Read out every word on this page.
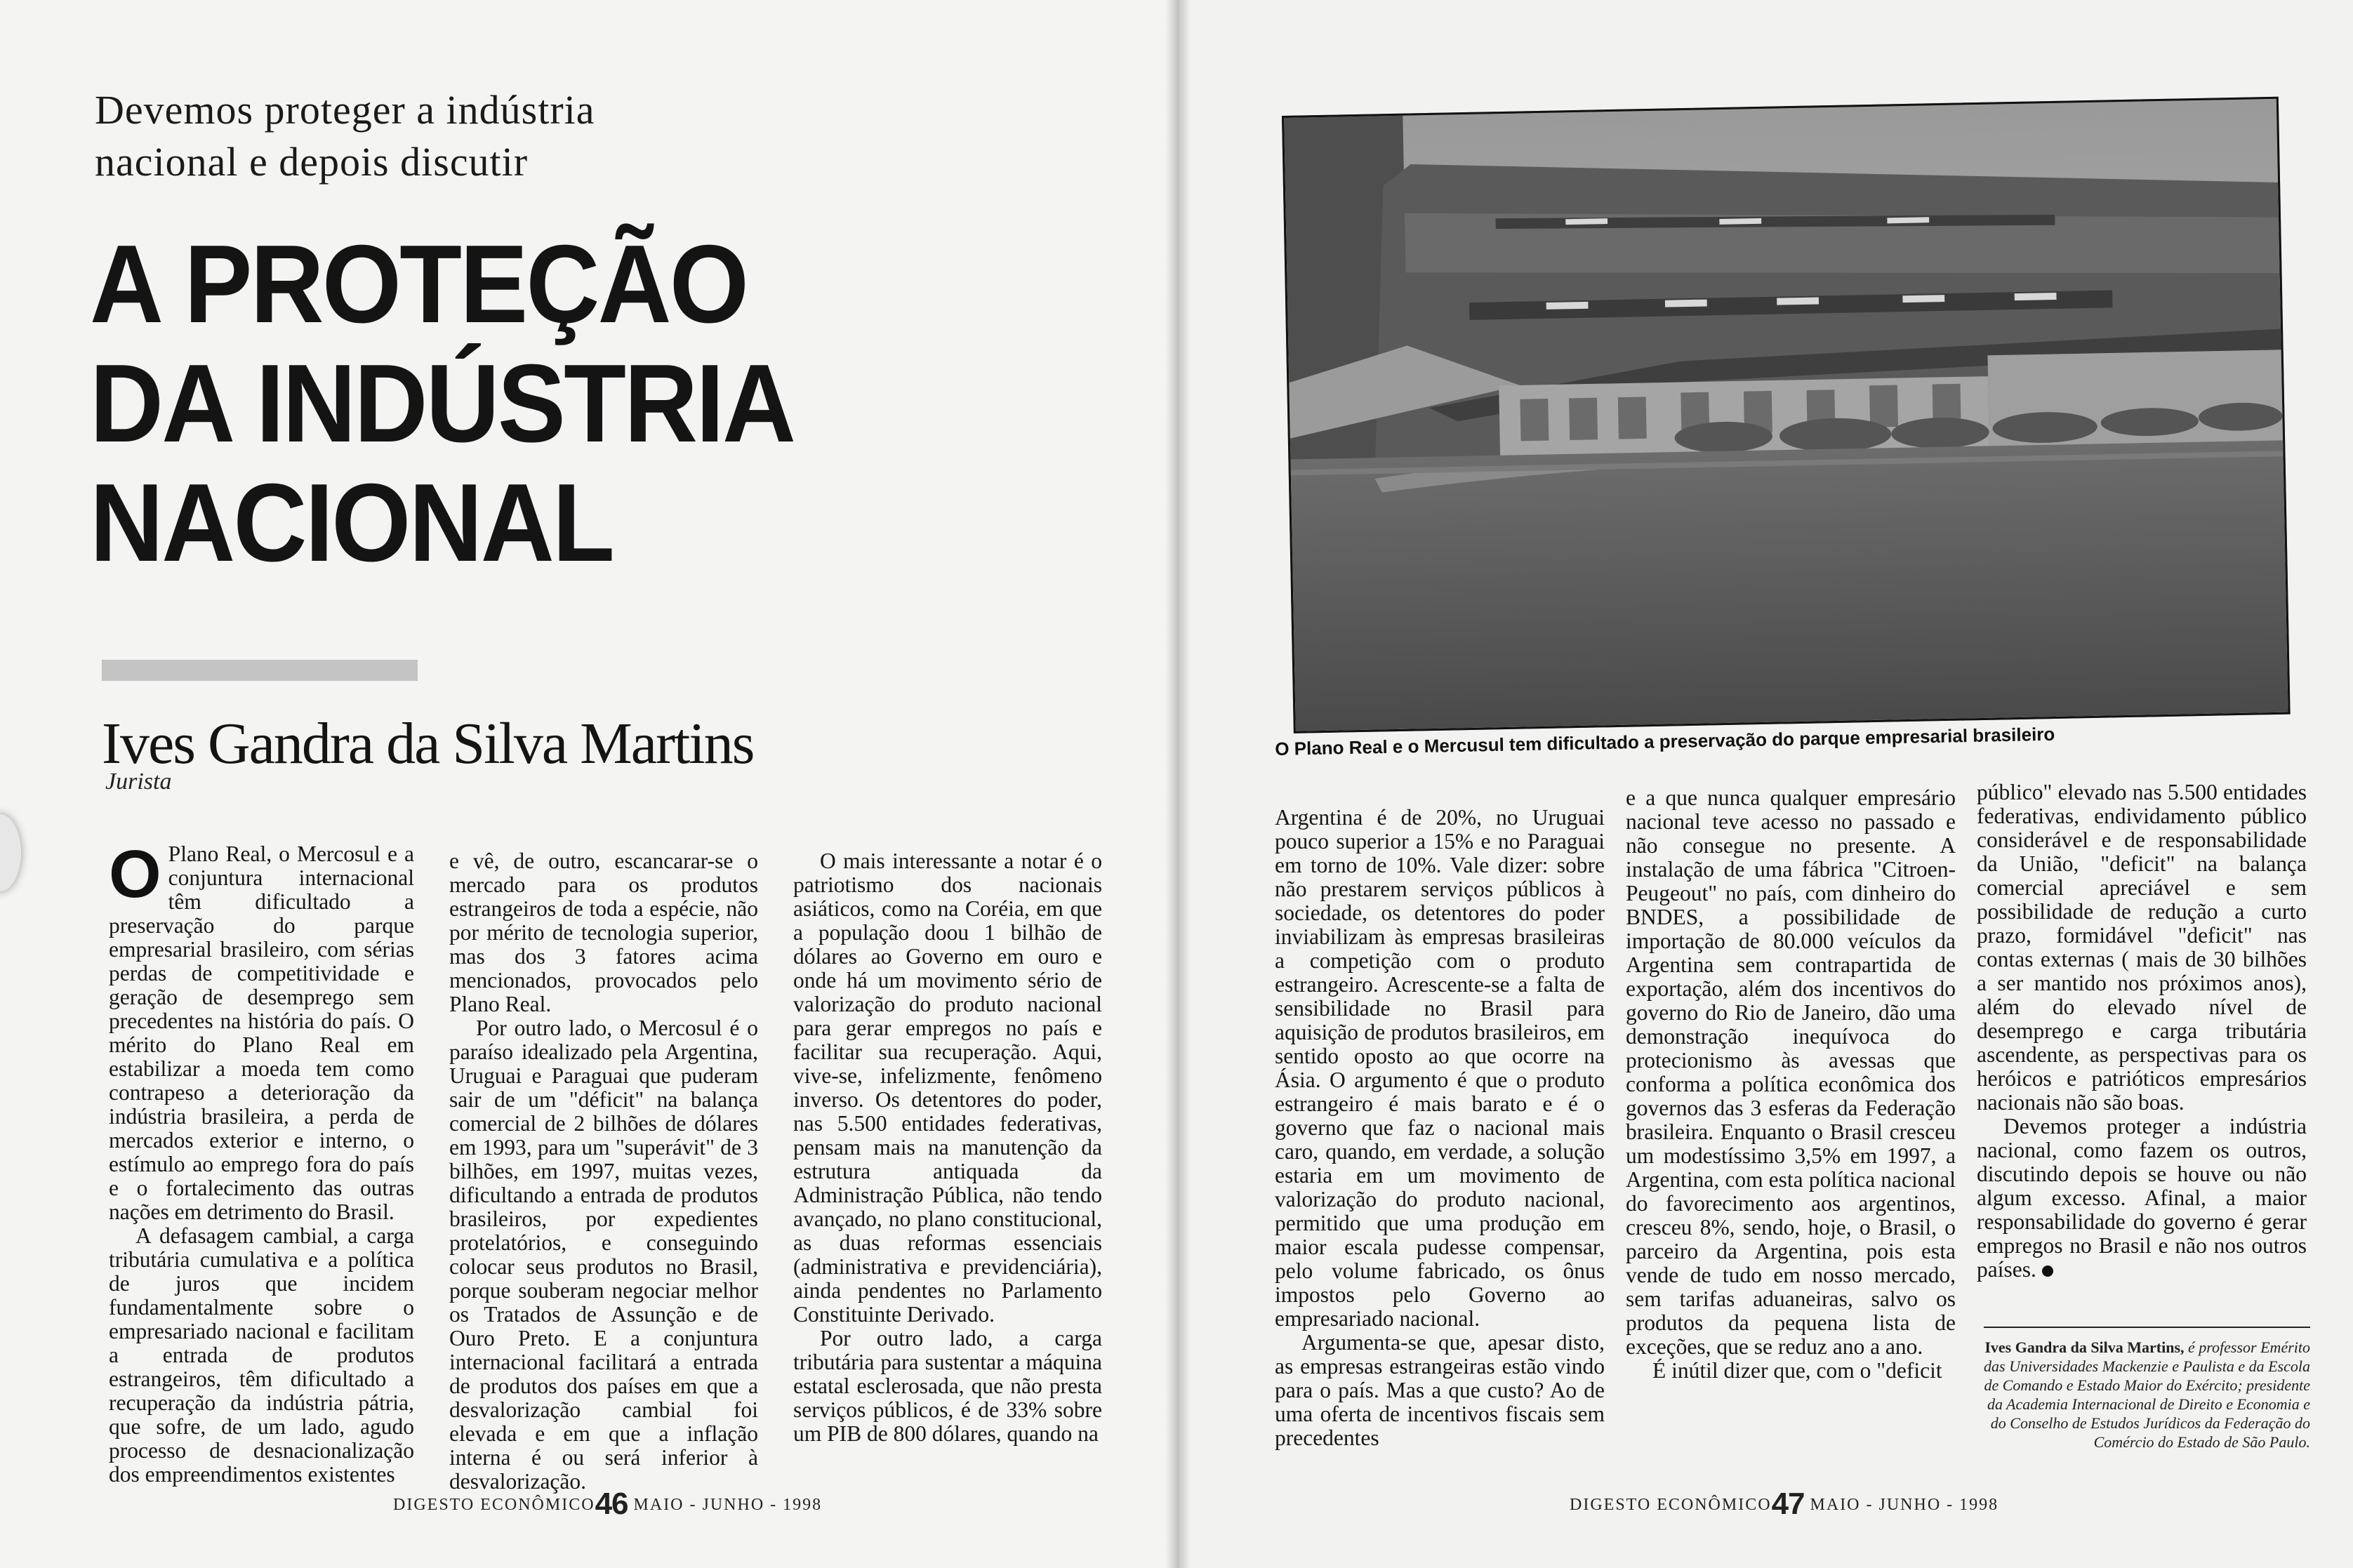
Devemos proteger a indústria
nacional e depois discutir
A PROTEÇÃO
DA INDÚSTRIA
NACIONAL
Ives Gandra da Silva Martins
Jurista

O Plano Real, o Mercosul e a conjuntura internacional têm dificultado a preservação do parque empresarial brasileiro, com sérias perdas de competitividade e geração de desemprego sem precedentes na história do país. O mérito do Plano Real em estabilizar a moeda tem como contrapeso a deterioração da indústria brasileira, a perda de mercados exterior e interno, o estímulo ao emprego fora do país e o fortalecimento das outras nações em detrimento do Brasil.

A defasagem cambial, a carga tributária cumulativa e a política de juros que incidem fundamentalmente sobre o empresariado nacional e facilitam a entrada de produtos estrangeiros, têm dificultado a recuperação da indústria pátria, que sofre, de um lado, agudo processo de desnacionalização dos empreendimentos existentes

e vê, de outro, escancarar-se o mercado para os produtos estrangeiros de toda a espécie, não por mérito de tecnologia superior, mas dos 3 fatores acima mencionados, provocados pelo Plano Real.

Por outro lado, o Mercosul é o paraíso idealizado pela Argentina, Uruguai e Paraguai que puderam sair de um "déficit" na balança comercial de 2 bilhões de dólares em 1993, para um "superávit" de 3 bilhões, em 1997, muitas vezes, dificultando a entrada de produtos brasileiros, por expedientes protelatórios, e conseguindo colocar seus produtos no Brasil, porque souberam negociar melhor os Tratados de Assunção e de Ouro Preto. E a conjuntura internacional facilitará a entrada de produtos dos países em que a desvalorização cambial foi elevada e em que a inflação interna é ou será inferior à desvalorização.

O mais interessante a notar é o patriotismo dos nacionais asiáticos, como na Coréia, em que a população doou 1 bilhão de dólares ao Governo em ouro e onde há um movimento sério de valorização do produto nacional para gerar empregos no país e facilitar sua recuperação. Aqui, vive-se, infelizmente, fenômeno inverso. Os detentores do poder, nas 5.500 entidades federativas, pensam mais na manutenção da estrutura antiquada da Administração Pública, não tendo avançado, no plano constitucional, as duas reformas essenciais (administrativa e previdenciária), ainda pendentes no Parlamento Constituinte Derivado.

Por outro lado, a carga tributária para sustentar a máquina estatal esclerosada, que não presta serviços públicos, é de 33% sobre um PIB de 800 dólares, quando na

DIGESTO ECONÔMICO46 MAIO - JUNHO - 1998
O Plano Real e o Mercusul tem dificultado a preservação do parque empresarial brasileiro

Argentina é de 20%, no Uruguai pouco superior a 15% e no Paraguai em torno de 10%. Vale dizer: sobre não prestarem serviços públicos à sociedade, os detentores do poder inviabilizam às empresas brasileiras a competição com o produto estrangeiro. Acrescente-se a falta de sensibilidade no Brasil para aquisição de produtos brasileiros, em sentido oposto ao que ocorre na Ásia. O argumento é que o produto estrangeiro é mais barato e é o governo que faz o nacional mais caro, quando, em verdade, a solução estaria em um movimento de valorização do produto nacional, permitido que uma produção em maior escala pudesse compensar, pelo volume fabricado, os ônus impostos pelo Governo ao empresariado nacional.

Argumenta-se que, apesar disto, as empresas estrangeiras estão vindo para o país. Mas a que custo? Ao de uma oferta de incentivos fiscais sem precedentes

e a que nunca qualquer empresário nacional teve acesso no passado e não consegue no presente. A instalação de uma fábrica "Citroen-Peugeout" no país, com dinheiro do BNDES, a possibilidade de importação de 80.000 veículos da Argentina sem contrapartida de exportação, além dos incentivos do governo do Rio de Janeiro, dão uma demonstração inequívoca do protecionismo às avessas que conforma a política econômica dos governos das 3 esferas da Federação brasileira. Enquanto o Brasil cresceu um modestíssimo 3,5% em 1997, a Argentina, com esta política nacional do favorecimento aos argentinos, cresceu 8%, sendo, hoje, o Brasil, o parceiro da Argentina, pois esta vende de tudo em nosso mercado, sem tarifas aduaneiras, salvo os produtos da pequena lista de exceções, que se reduz ano a ano.

É inútil dizer que, com o "deficit

público" elevado nas 5.500 entidades federativas, endividamento público considerável e de responsabilidade da União, "deficit" na balança comercial apreciável e sem possibilidade de redução a curto prazo, formidável "deficit" nas contas externas ( mais de 30 bilhões a ser mantido nos próximos anos), além do elevado nível de desemprego e carga tributária ascendente, as perspectivas para os heróicos e patrióticos empresários nacionais não são boas.

Devemos proteger a indústria nacional, como fazem os outros, discutindo depois se houve ou não algum excesso. Afinal, a maior responsabilidade do governo é gerar empregos no Brasil e não nos outros países.

Ives Gandra da Silva Martins, é professor Emérito das Universidades Mackenzie e Paulista e da Escola de Comando e Estado Maior do Exército; presidente da Academia Internacional de Direito e Economia e do Conselho de Estudos Jurídicos da Federação do Comércio do Estado de São Paulo.
DIGESTO ECONÔMICO47 MAIO - JUNHO - 1998
